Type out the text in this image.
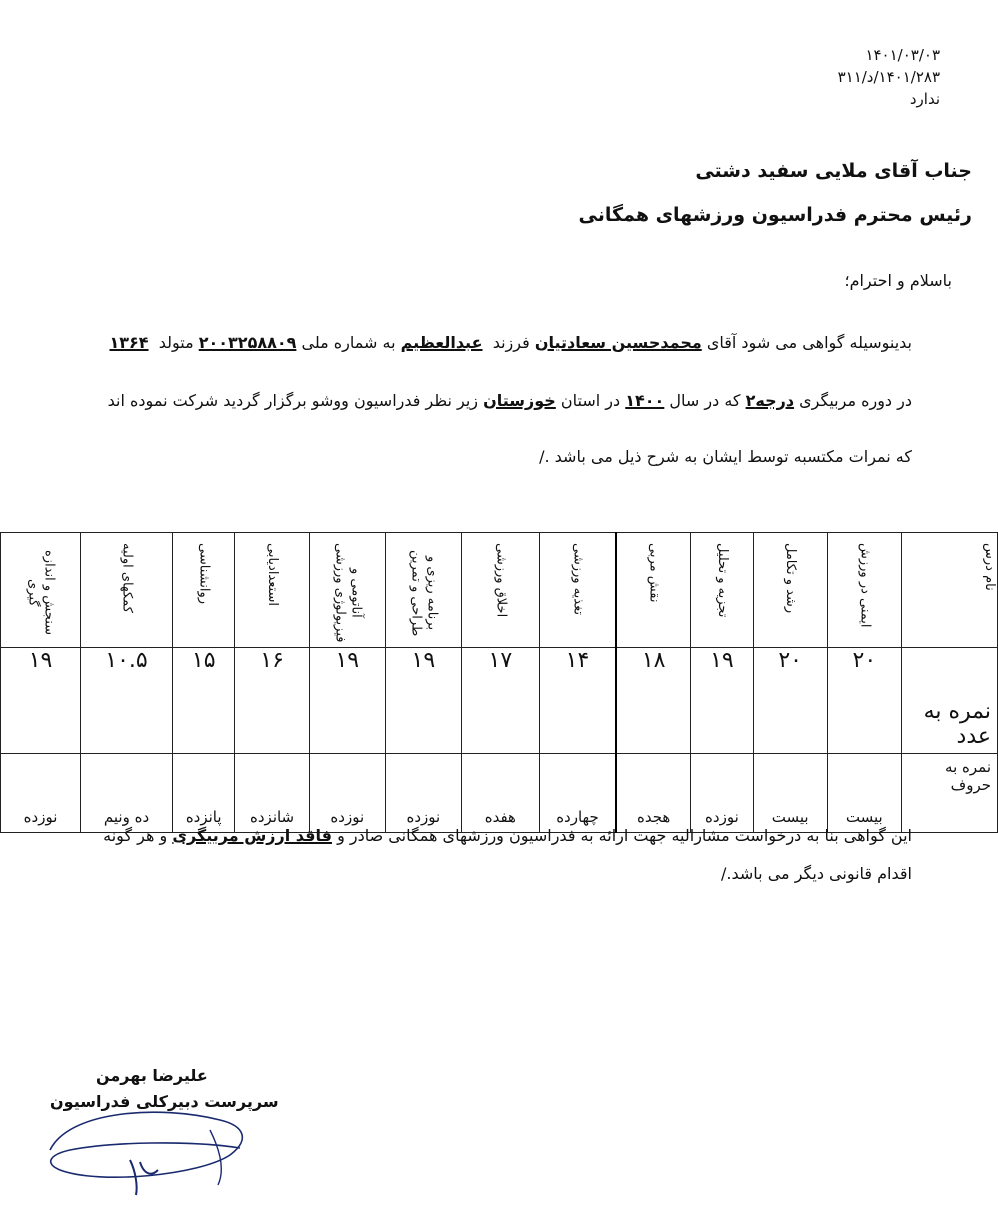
۱۴۰۱/۰۳/۰۳
۱۴۰۱/۲۸۳/د/۳۱۱
ندارد
جناب آقای ملایی سفید دشتی
رئیس محترم فدراسیون ورزشهای همگانی
باسلام و احترام؛
بدینوسیله گواهی می شود آقای محمدحسین سعادتیان فرزند  عبدالعظیم به شماره ملی ۲۰۰۳۲۵۸۸۰۹ متولد  ۱۳۶۴
در دوره مربیگری درجه۲ که در سال ۱۴۰۰ در استان خوزستان زیر نظر فدراسیون ووشو برگزار گردید شرکت نموده اند
که نمرات مکتسبه توسط ایشان به شرح ذیل می باشد ./
نام درس	ایمنی در ورزش	رشد و تکامل	تجزیه و تحلیل	نقش مربی	تغذیه ورزشی	اخلاق ورزشی	برنامه ریزی و طراحی و تمرین	آناتومی و فیزیولوژی ورزشی	استعدادیابی	روانشناسی	کمکهای اولیه	سنجش و اندازه گیری
نمره به عدد	۲۰	۲۰	۱۹	۱۸	۱۴	۱۷	۱۹	۱۹	۱۶	۱۵	۱۰.۵	۱۹
نمره به حروف	بیست	بیست	نوزده	هجده	چهارده	هفده	نوزده	نوزده	شانزده	پانزده	ده ونیم	نوزده
این گواهی بنا به درخواست مشارالیه جهت ارائه به فدراسیون ورزشهای همگانی صادر و فاقد ارزش مربیگری و هر گونه
اقدام قانونی دیگر می باشد./
علیرضا بهرمن
سرپرست دبیرکلی فدراسیون
